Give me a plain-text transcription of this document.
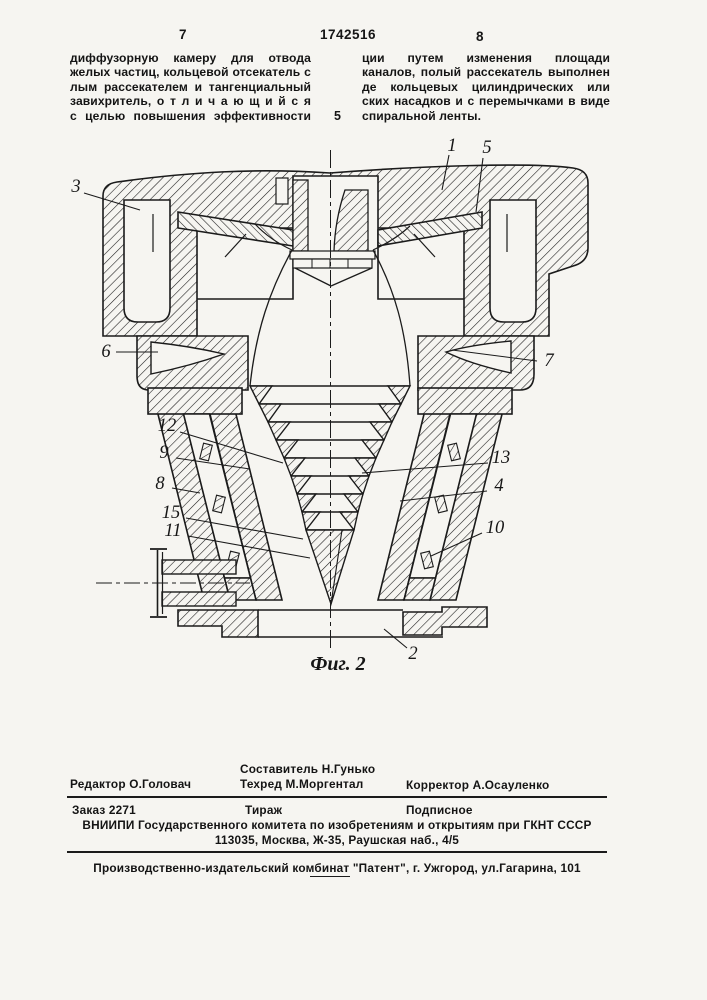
7	1742516	8
диффузорную камеру для отвода
желых частиц, кольцевой отсекатель с
лым рассекателем и тангенциальный
завихритель, о т л и ч а ю щ и й с я
с целью повышения эффективности 5
ции путем изменения площади
каналов, полый рассекатель выполнен
де кольцевых цилиндрических или
ских насадков и с перемычками в виде
спиральной ленты.
3
1 5
6	7
12
9
8
15
11
13
4
10
2
Фиг. 2
Составитель Н.Гунько
Редактор О.Головач	Техред М.Моргентал	Корректор А.Осауленко
Заказ 2271	Тираж	Подписное
ВНИИПИ Государственного комитета по изобретениям и открытиям при ГКНТ СССР
113035, Москва, Ж-35, Раушская наб., 4/5
Производственно-издательский комбинат "Патент", г. Ужгород, ул.Гагарина, 101
